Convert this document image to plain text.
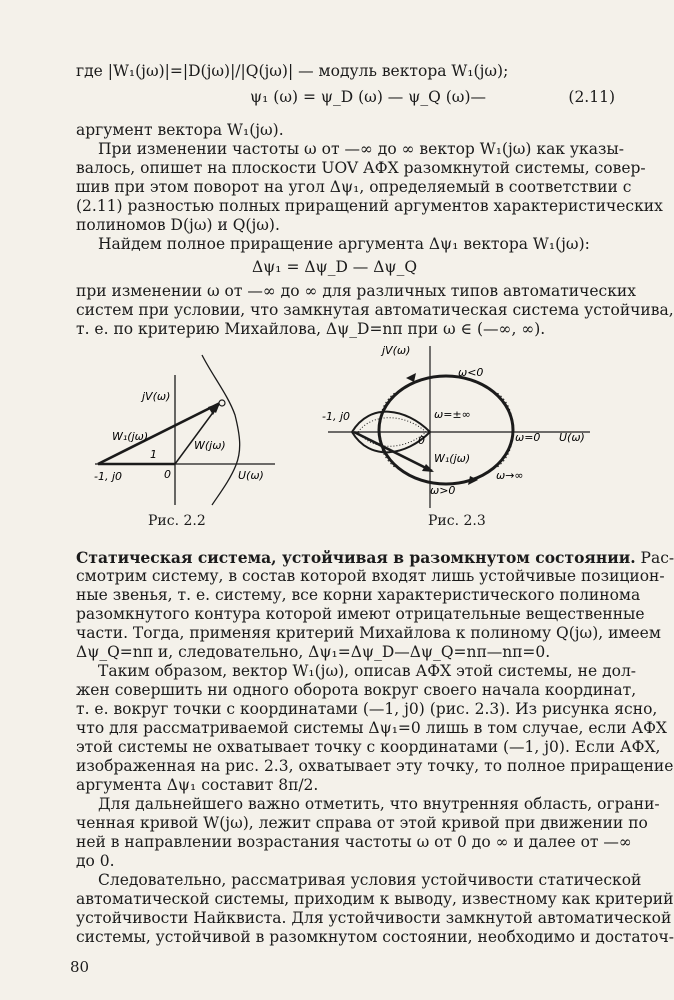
где |W₁(jω)|=|D(jω)|/|Q(jω)| — модуль вектора W₁(jω);
ψ₁ (ω) = ψ_D (ω) — ψ_Q (ω)—	(2.11)
аргумент вектора W₁(jω).
При изменении частоты ω от —∞ до ∞ вектор W₁(jω) как указы-
валось, опишет на плоскости UOV АФХ разомкнутой системы, совер-
шив при этом поворот на угол Δψ₁, определяемый в соответствии с
(2.11) разностью полных приращений аргументов характеристических
полиномов D(jω) и Q(jω).
Найдем полное приращение аргумента Δψ₁ вектора W₁(jω):
Δψ₁ = Δψ_D — Δψ_Q
при изменении ω от —∞ до ∞ для различных типов автоматических
систем при условии, что замкнутая автоматическая система устойчива,
т. е. по критерию Михайлова, Δψ_D=nπ при ω ∈ (—∞, ∞).
jV(ω)
W₁(jω)
W(jω)
1
0
-1, j0	U(ω)
Рис. 2.2
jV(ω)
ω<0
ω=±∞
-1, j0
0	ω=0 U(ω)
W₁(jω)
ω→∞
ω>0
Рис. 2.3
Статическая система, устойчивая в разомкнутом состоянии. Рас-
смотрим систему, в состав которой входят лишь устойчивые позицион-
ные звенья, т. е. систему, все корни характеристического полинома
разомкнутого контура которой имеют отрицательные вещественные
части. Тогда, применяя критерий Михайлова к полиному Q(jω), имеем
Δψ_Q=nπ и, следовательно, Δψ₁=Δψ_D—Δψ_Q=nπ—nπ=0.
Таким образом, вектор W₁(jω), описав АФХ этой системы, не дол-
жен совершить ни одного оборота вокруг своего начала координат,
т. е. вокруг точки с координатами (—1, j0) (рис. 2.3). Из рисунка ясно,
что для рассматриваемой системы Δψ₁=0 лишь в том случае, если АФХ
этой системы не охватывает точку с координатами (—1, j0). Если АФХ,
изображенная на рис. 2.3, охватывает эту точку, то полное приращение
аргумента Δψ₁ составит 8π/2.
Для дальнейшего важно отметить, что внутренняя область, ограни-
ченная кривой W(jω), лежит справа от этой кривой при движении по
ней в направлении возрастания частоты ω от 0 до ∞ и далее от —∞
до 0.
Следовательно, рассматривая условия устойчивости статической
автоматической системы, приходим к выводу, известному как критерий
устойчивости Найквиста. Для устойчивости замкнутой автоматической
системы, устойчивой в разомкнутом состоянии, необходимо и достаточ-
80
